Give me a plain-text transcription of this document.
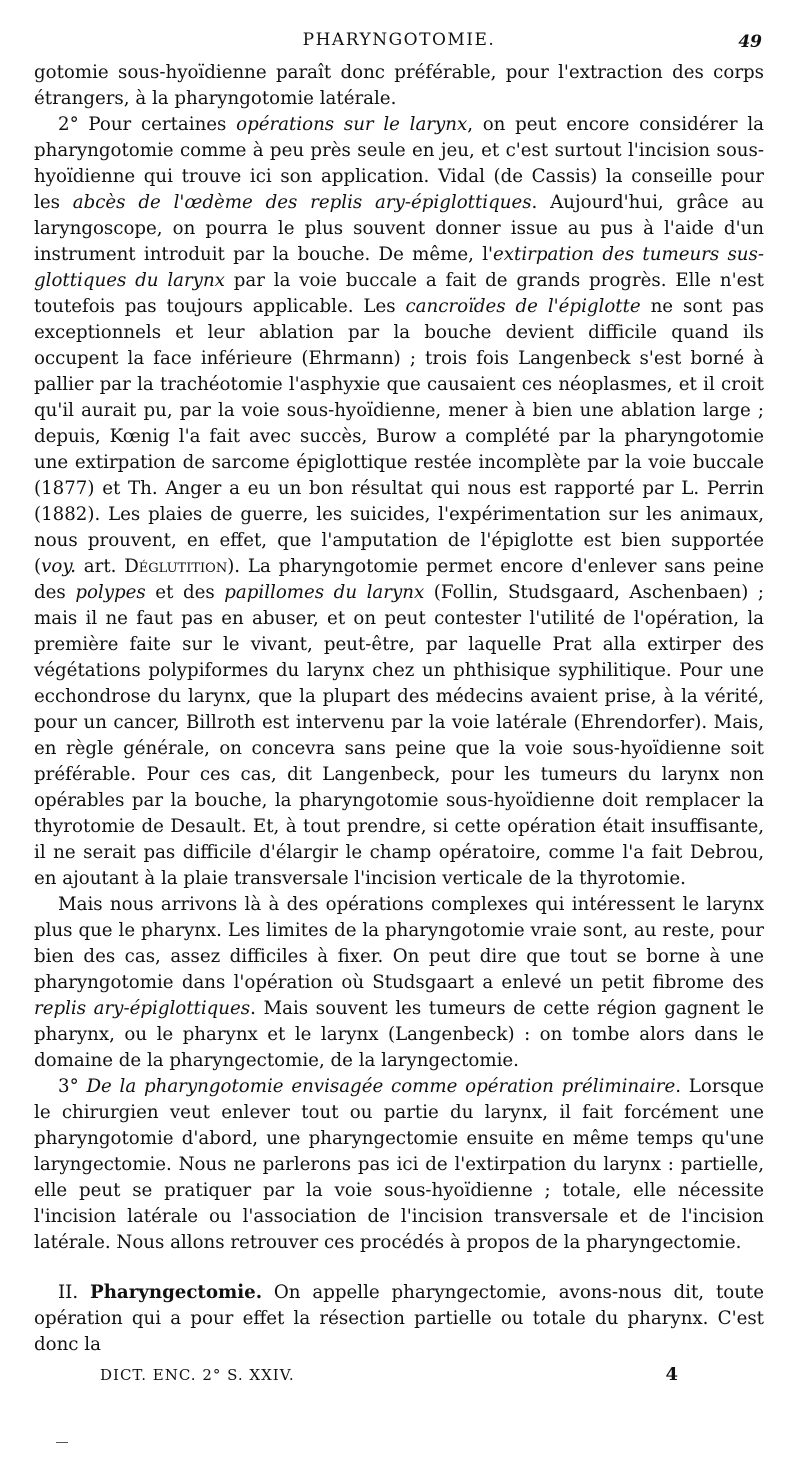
PHARYNGOTOMIE.	49

gotomie sous-hyoïdienne paraît donc préférable, pour l'extraction des corps étrangers, à la pharyngotomie latérale.

2° Pour certaines opérations sur le larynx, on peut encore considérer la pharyngotomie comme à peu près seule en jeu, et c'est surtout l'incision sous-hyoïdienne qui trouve ici son application. Vidal (de Cassis) la conseille pour les abcès de l'œdème des replis ary-épiglottiques. Aujourd'hui, grâce au laryngoscope, on pourra le plus souvent donner issue au pus à l'aide d'un instrument introduit par la bouche. De même, l'extirpation des tumeurs sus-glottiques du larynx par la voie buccale a fait de grands progrès. Elle n'est toutefois pas toujours applicable. Les cancroïdes de l'épiglotte ne sont pas exceptionnels et leur ablation par la bouche devient difficile quand ils occupent la face inférieure (Ehrmann) ; trois fois Langenbeck s'est borné à pallier par la trachéotomie l'asphyxie que causaient ces néoplasmes, et il croit qu'il aurait pu, par la voie sous-hyoïdienne, mener à bien une ablation large ; depuis, Kœnig l'a fait avec succès, Burow a complété par la pharyngotomie une extirpation de sarcome épiglottique restée incomplète par la voie buccale (1877) et Th. Anger a eu un bon résultat qui nous est rapporté par L. Perrin (1882). Les plaies de guerre, les suicides, l'expérimentation sur les animaux, nous prouvent, en effet, que l'amputation de l'épiglotte est bien supportée (voy. art. Déglutition). La pharyngotomie permet encore d'enlever sans peine des polypes et des papillomes du larynx (Follin, Studsgaard, Aschenbaen) ; mais il ne faut pas en abuser, et on peut contester l'utilité de l'opération, la première faite sur le vivant, peut-être, par laquelle Prat alla extirper des végétations polypiformes du larynx chez un phthisique syphilitique. Pour une ecchondrose du larynx, que la plupart des médecins avaient prise, à la vérité, pour un cancer, Billroth est intervenu par la voie latérale (Ehrendorfer). Mais, en règle générale, on concevra sans peine que la voie sous-hyoïdienne soit préférable. Pour ces cas, dit Langenbeck, pour les tumeurs du larynx non opérables par la bouche, la pharyngotomie sous-hyoïdienne doit remplacer la thyrotomie de Desault. Et, à tout prendre, si cette opération était insuffisante, il ne serait pas difficile d'élargir le champ opératoire, comme l'a fait Debrou, en ajoutant à la plaie transversale l'incision verticale de la thyrotomie.

Mais nous arrivons là à des opérations complexes qui intéressent le larynx plus que le pharynx. Les limites de la pharyngotomie vraie sont, au reste, pour bien des cas, assez difficiles à fixer. On peut dire que tout se borne à une pharyngotomie dans l'opération où Studsgaart a enlevé un petit fibrome des replis ary-épiglottiques. Mais souvent les tumeurs de cette région gagnent le pharynx, ou le pharynx et le larynx (Langenbeck) : on tombe alors dans le domaine de la pharyngectomie, de la laryngectomie.

3° De la pharyngotomie envisagée comme opération préliminaire. Lorsque le chirurgien veut enlever tout ou partie du larynx, il fait forcément une pharyngotomie d'abord, une pharyngectomie ensuite en même temps qu'une laryngectomie. Nous ne parlerons pas ici de l'extirpation du larynx : partielle, elle peut se pratiquer par la voie sous-hyoïdienne ; totale, elle nécessite l'incision latérale ou l'association de l'incision transversale et de l'incision latérale. Nous allons retrouver ces procédés à propos de la pharyngectomie.

II. Pharyngectomie. On appelle pharyngectomie, avons-nous dit, toute opération qui a pour effet la résection partielle ou totale du pharynx. C'est donc la

DICT. ENC. 2° S. XXIV.	4
